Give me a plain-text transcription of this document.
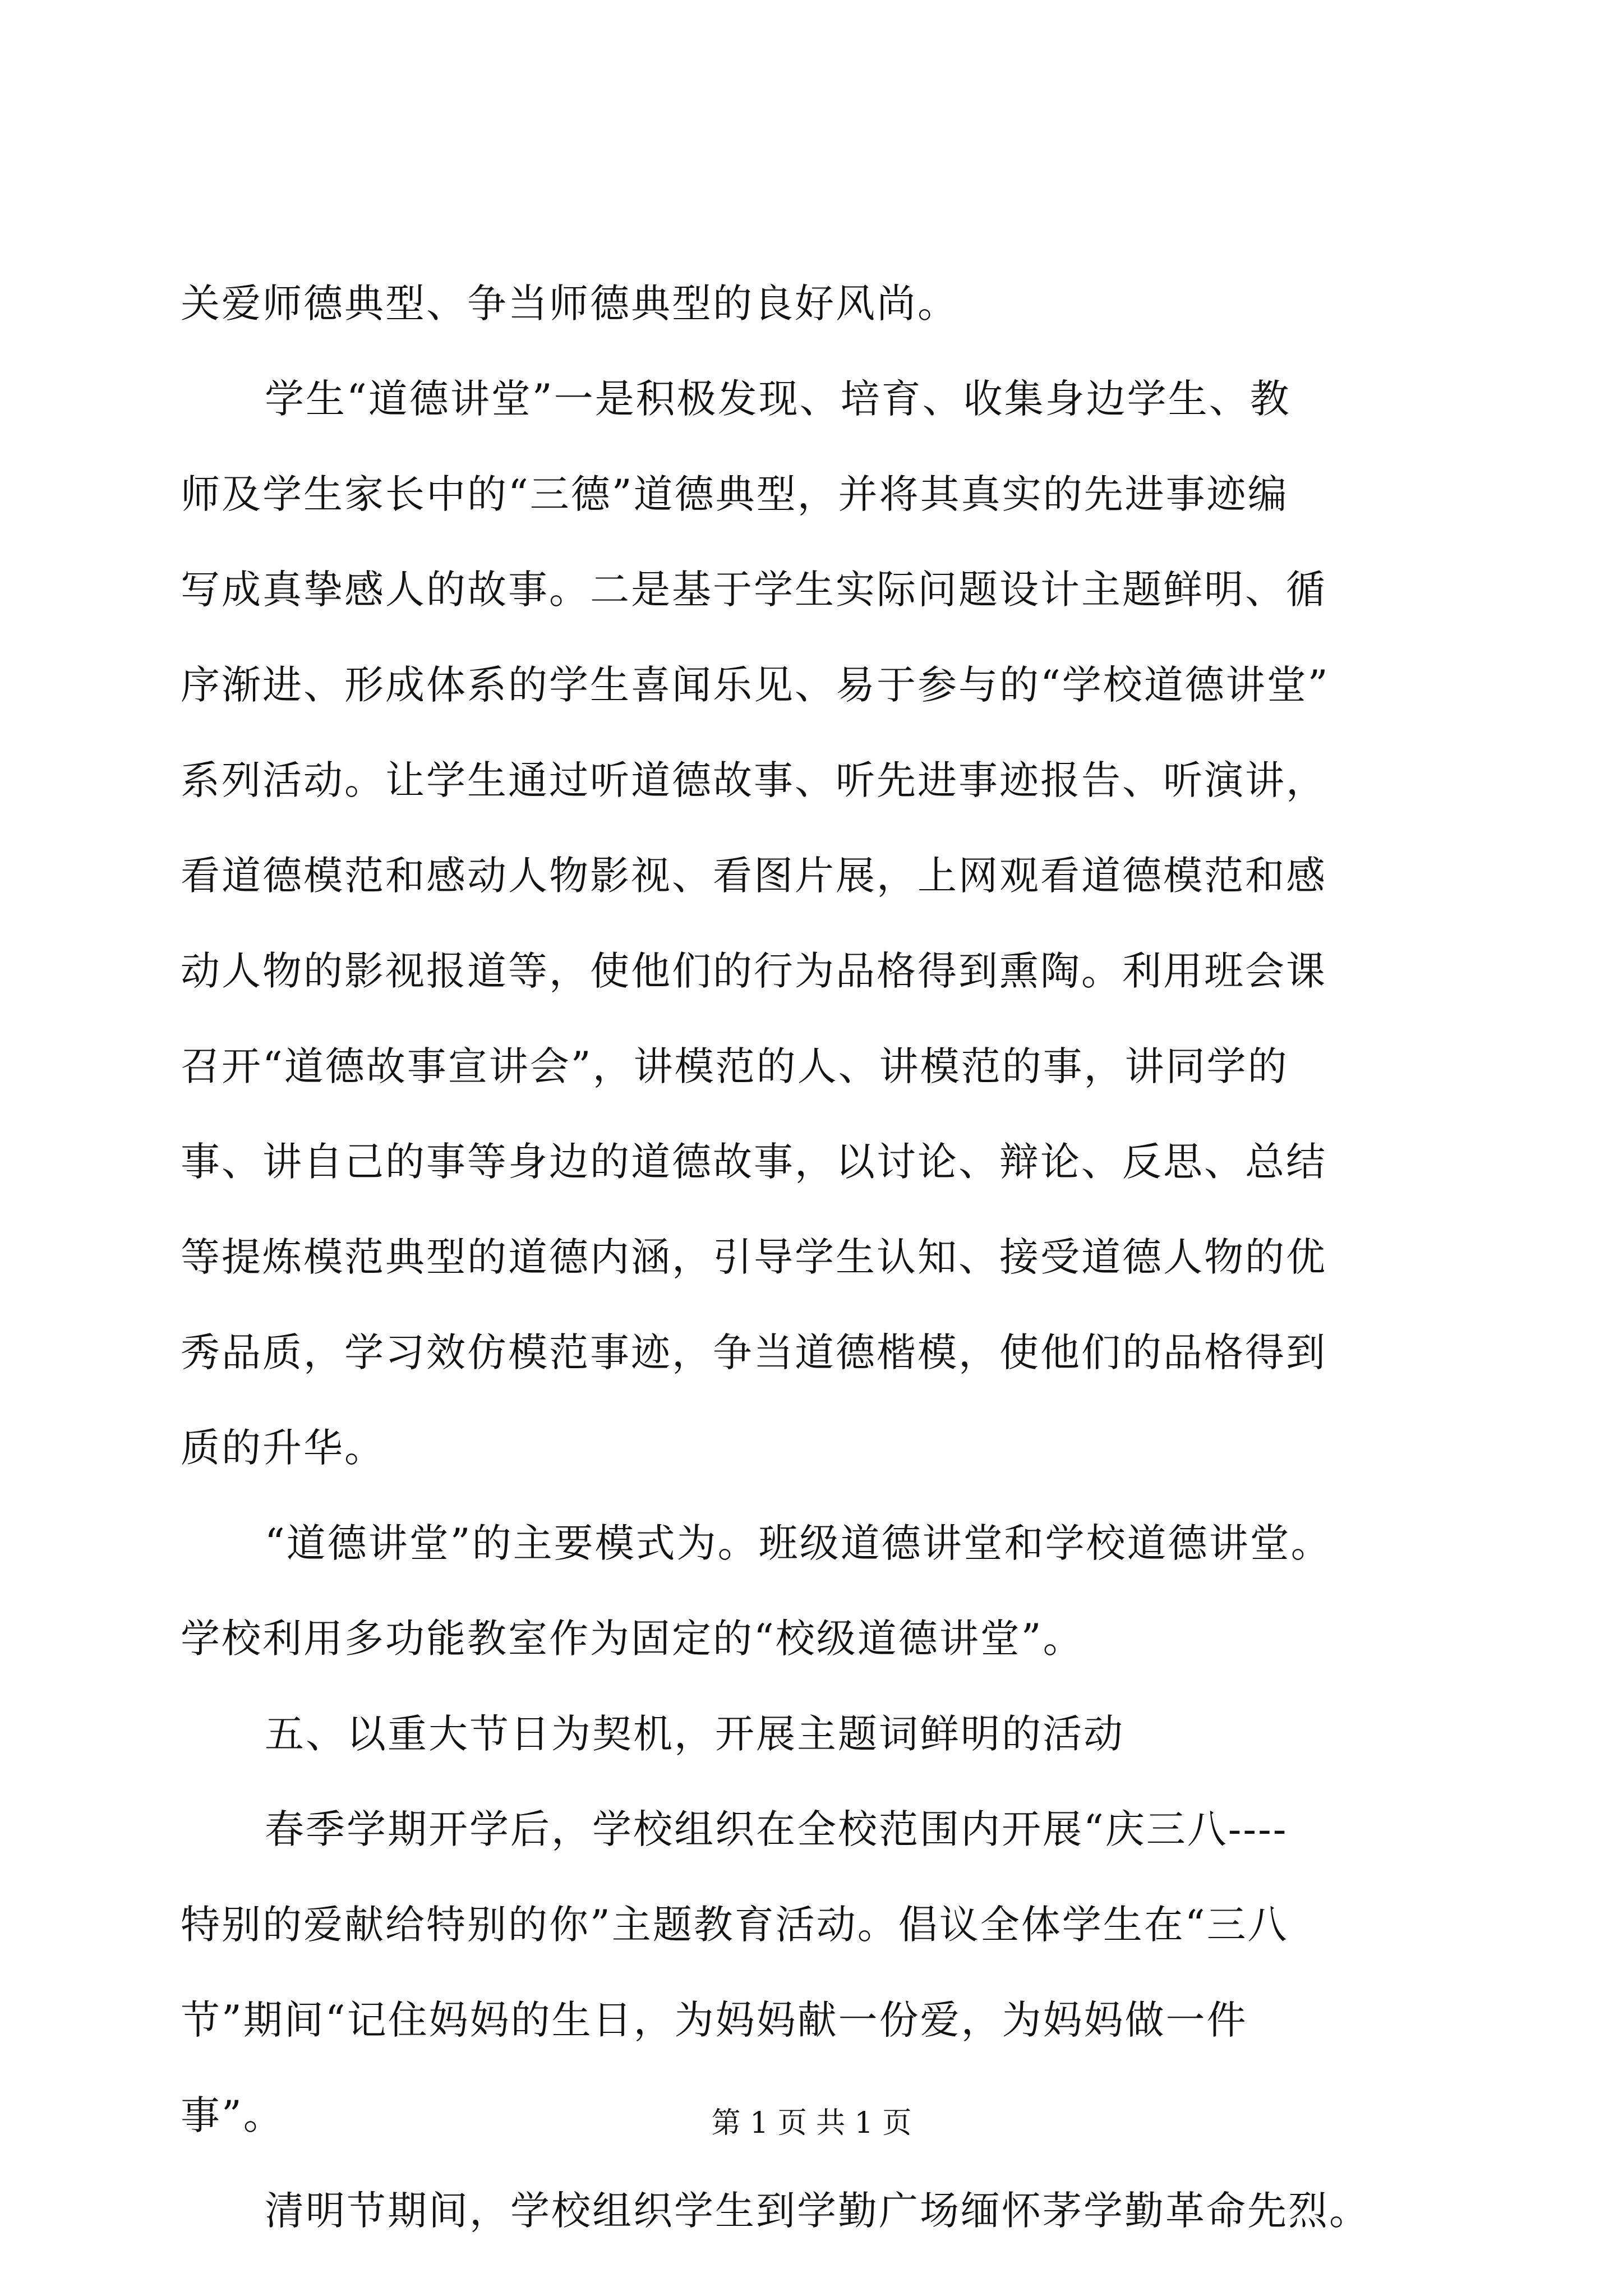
关爱师德典型、争当师德典型的良好风尚。
学生“道德讲堂”一是积极发现、培育、收集身边学生、教
师及学生家长中的“三德”道德典型，并将其真实的先进事迹编
写成真挚感人的故事。二是基于学生实际问题设计主题鲜明、循
序渐进、形成体系的学生喜闻乐见、易于参与的“学校道德讲堂”
系列活动。让学生通过听道德故事、听先进事迹报告、听演讲，
看道德模范和感动人物影视、看图片展，上网观看道德模范和感
动人物的影视报道等，使他们的行为品格得到熏陶。利用班会课
召开“道德故事宣讲会”，讲模范的人、讲模范的事，讲同学的
事、讲自己的事等身边的道德故事，以讨论、辩论、反思、总结
等提炼模范典型的道德内涵，引导学生认知、接受道德人物的优
秀品质，学习效仿模范事迹，争当道德楷模，使他们的品格得到
质的升华。
“道德讲堂”的主要模式为。班级道德讲堂和学校道德讲堂。
学校利用多功能教室作为固定的“校级道德讲堂”。
五、以重大节日为契机，开展主题词鲜明的活动
春季学期开学后，学校组织在全校范围内开展“庆三八----
特别的爱献给特别的你”主题教育活动。倡议全体学生在“三八
节”期间“记住妈妈的生日，为妈妈献一份爱，为妈妈做一件
事”。
清明节期间，学校组织学生到学勤广场缅怀茅学勤革命先烈。
第 1 页 共 1 页
